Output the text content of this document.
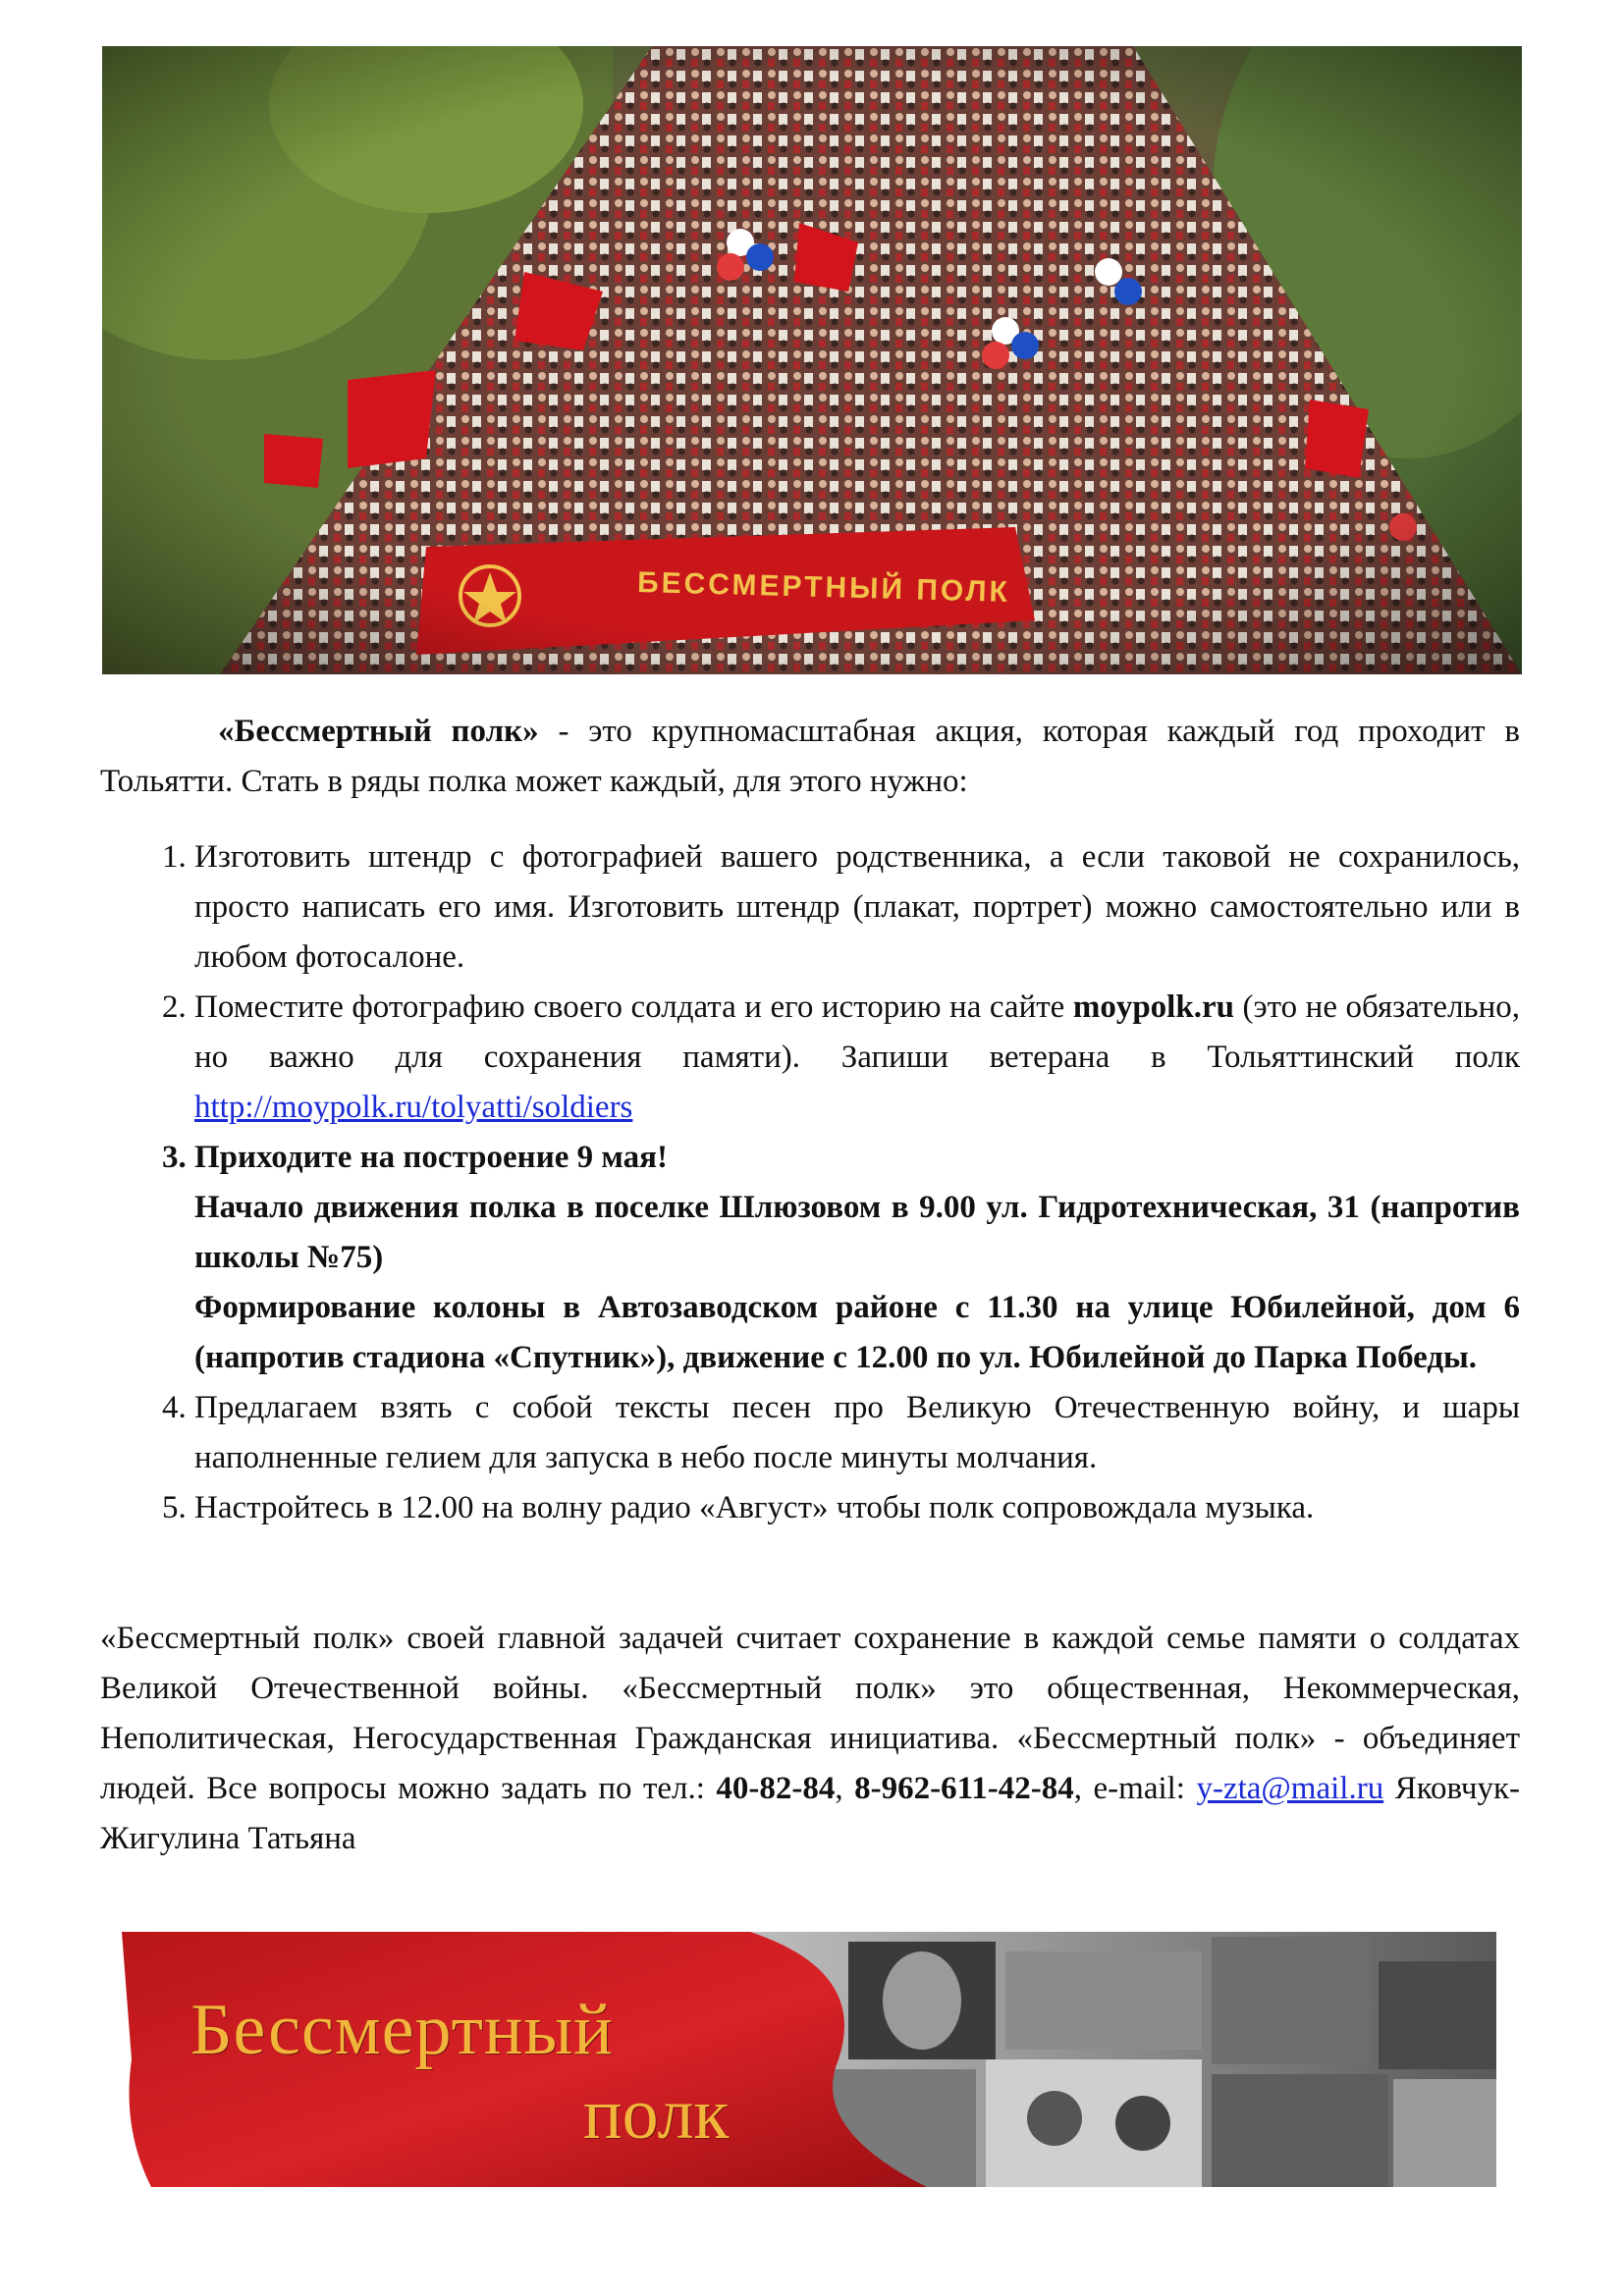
БЕССМЕРТНЫЙ ПОЛК
«Бессмертный полк» - это крупномасштабная акция, которая каждый год проходит в Тольятти. Стать в ряды полка может каждый, для этого нужно:
1. Изготовить штендр с фотографией вашего родственника, а если таковой не сохранилось, просто написать его имя. Изготовить штендр (плакат, портрет) можно самостоятельно или в любом фотосалоне.
2. Поместите фотографию своего солдата и его историю на сайте moypolk.ru (это не обязательно, но важно для сохранения памяти). Запиши ветерана в Тольяттинский полк http://moypolk.ru/tolyatti/soldiers

3. Приходите на построение 9 мая!

Начало движения полка в поселке Шлюзовом в 9.00 ул. Гидротехническая, 31 (напротив школы №75)

Формирование колоны в Автозаводском районе с 11.30 на улице Юбилейной, дом 6 (напротив стадиона «Спутник»), движение с 12.00 по ул. Юбилейной до Парка Победы.

4. Предлагаем взять с собой тексты песен про Великую Отечественную войну, и шары наполненные гелием для запуска в небо после минуты молчания.
5. Настройтесь в 12.00 на волну радио «Август» чтобы полк сопровождала музыка.
«Бессмертный полк» своей главной задачей считает сохранение в каждой семье памяти о солдатах Великой Отечественной войны. «Бессмертный полк» это общественная, Некоммерческая, Неполитическая, Негосударственная Гражданская инициатива. «Бессмертный полк» - объединяет людей. Все вопросы можно задать по тел.: 40-82-84, 8-962-611-42-84, e-mail: y-zta@mail.ru Яковчук-Жигулина Татьяна
Бессмертный
полк
